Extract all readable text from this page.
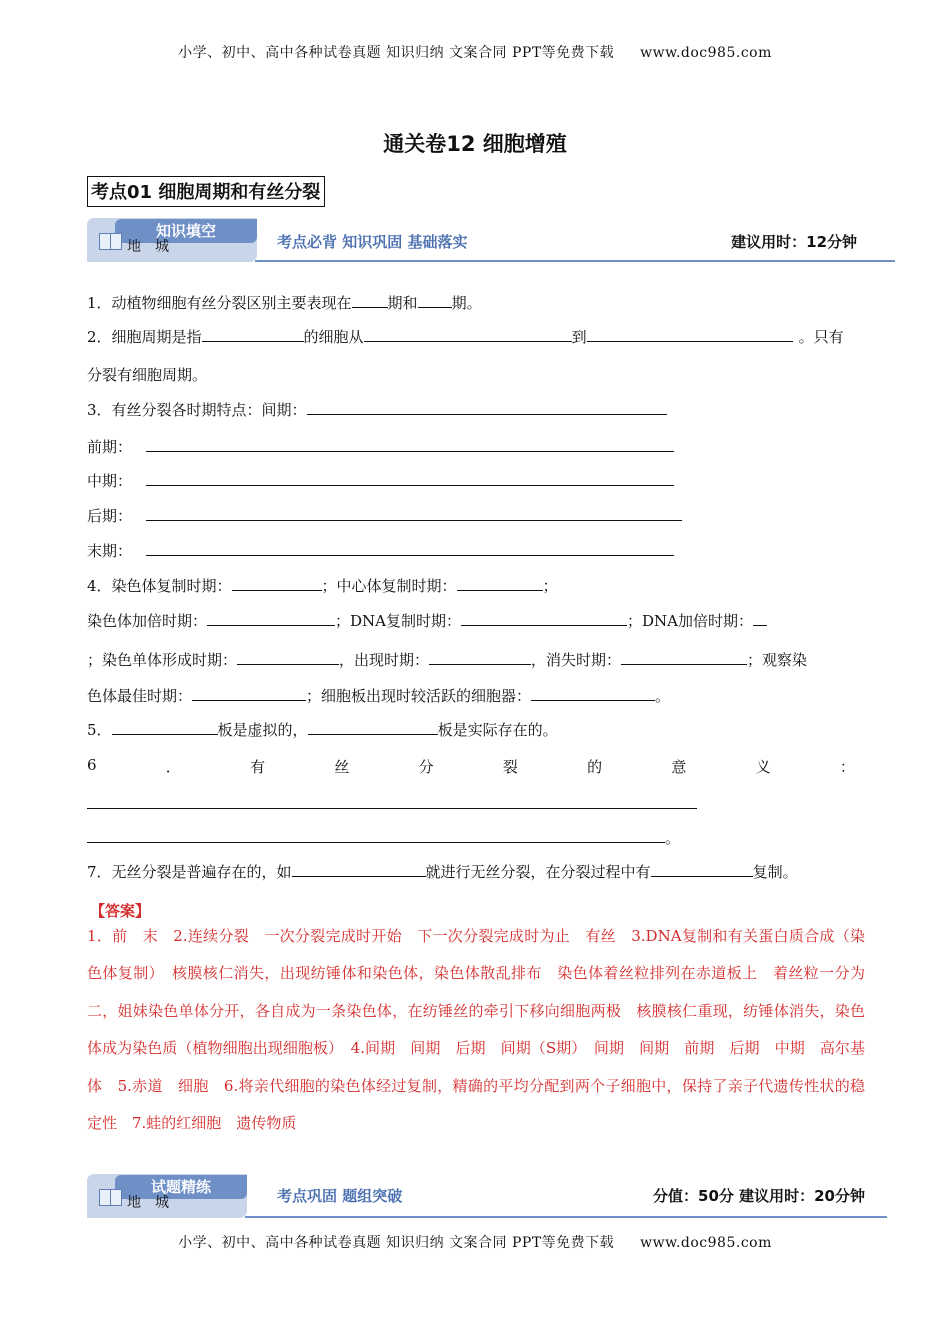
小学、初中、高中各种试卷真题 知识归纳 文案合同 PPT等免费下载 www.doc985.com
通关卷12 细胞增殖
考点01 细胞周期和有丝分裂
知识填空
地城	考点必背 知识巩固 基础落实	建议用时：12分钟
1．动植物细胞有丝分裂区别主要表现在 期和 期。
2．细胞周期是指	的细胞从	到	。只有
分裂有细胞周期。
3．有丝分裂各时期特点：间期：
前期：
中期：
后期：
末期：
4．染色体复制时期：	；中心体复制时期：	；
染色体加倍时期：	；DNA复制时期：	；DNA加倍时期：
；染色单体形成时期：	，出现时期：	，消失时期：	；观察染
色体最佳时期：	；细胞板出现时较活跃的细胞器：	。
5．	板是虚拟的，	板是实际存在的。
6	．	有	丝	分	裂	的	意	义	：
。
7．无丝分裂是普遍存在的，如	就进行无丝分裂，在分裂过程中有	复制。
【答案】
1．前　末　2.连续分裂　一次分裂完成时开始　下一次分裂完成时为止　有丝　3.DNA复制和有关蛋白质合成（染色体复制）　核膜核仁消失，出现纺锤体和染色体，染色体散乱排布　染色体着丝粒排列在赤道板上　着丝粒一分为二，姐妹染色单体分开，各自成为一条染色体，在纺锤丝的牵引下移向细胞两极　核膜核仁重现，纺锤体消失，染色体成为染色质（植物细胞出现细胞板）　4.间期　间期　后期　间期（S期）　间期　间期　前期　后期　中期　高尔基体　5.赤道　细胞　6.将亲代细胞的染色体经过复制，精确的平均分配到两个子细胞中，保持了亲子代遗传性状的稳定性　7.蛙的红细胞　遗传物质
试题精练
地城	考点巩固 题组突破	分值：50分 建议用时：20分钟
小学、初中、高中各种试卷真题 知识归纳 文案合同 PPT等免费下载 www.doc985.com
